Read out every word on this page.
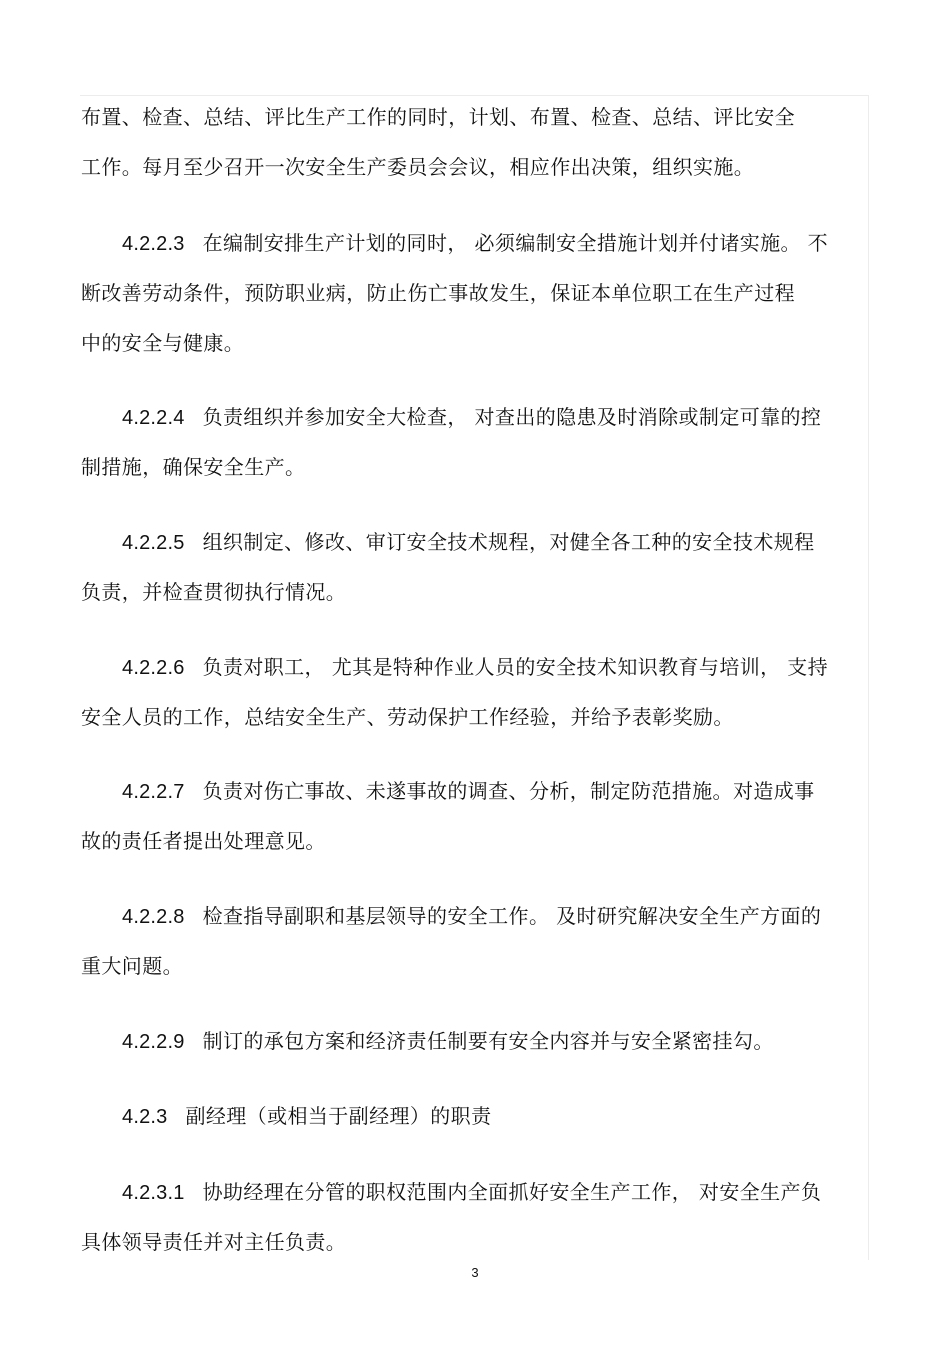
布置、检查、总结、评比生产工作的同时，计划、布置、检查、总结、评比安全
工作。每月至少召开一次安全生产委员会会议，相应作出决策，组织实施。
4.2.2.3 在编制安排生产计划的同时， 必须编制安全措施计划并付诸实施。 不
断改善劳动条件，预防职业病，防止伤亡事故发生，保证本单位职工在生产过程
中的安全与健康。
4.2.2.4 负责组织并参加安全大检查， 对查出的隐患及时消除或制定可靠的控
制措施，确保安全生产。
4.2.2.5 组织制定、修改、审订安全技术规程，对健全各工种的安全技术规程
负责，并检查贯彻执行情况。
4.2.2.6 负责对职工， 尤其是特种作业人员的安全技术知识教育与培训， 支持
安全人员的工作，总结安全生产、劳动保护工作经验，并给予表彰奖励。
4.2.2.7 负责对伤亡事故、未遂事故的调查、分析，制定防范措施。对造成事
故的责任者提出处理意见。
4.2.2.8 检查指导副职和基层领导的安全工作。 及时研究解决安全生产方面的
重大问题。
4.2.2.9 制订的承包方案和经济责任制要有安全内容并与安全紧密挂勾。
4.2.3 副经理（或相当于副经理）的职责
4.2.3.1 协助经理在分管的职权范围内全面抓好安全生产工作， 对安全生产负
具体领导责任并对主任负责。
3
